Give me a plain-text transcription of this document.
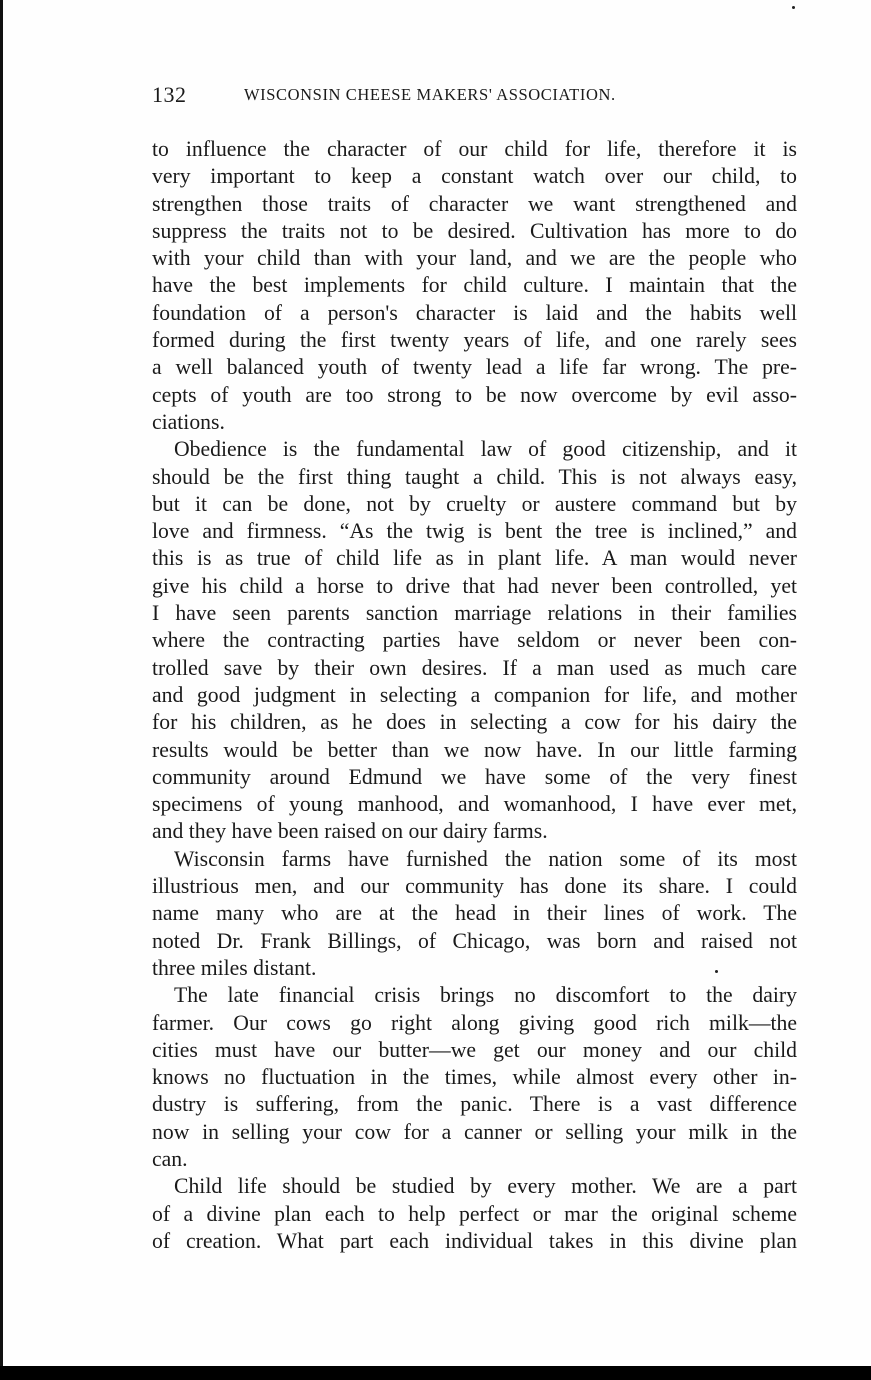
132	WISCONSIN CHEESE MAKERS' ASSOCIATION.
to influence the character of our child for life, therefore it is
very important to keep a constant watch over our child, to
strengthen those traits of character we want strengthened and
suppress the traits not to be desired. Cultivation has more to do
with your child than with your land, and we are the people who
have the best implements for child culture. I maintain that the
foundation of a person's character is laid and the habits well
formed during the first twenty years of life, and one rarely sees
a well balanced youth of twenty lead a life far wrong. The pre-
cepts of youth are too strong to be now overcome by evil asso-
ciations.
Obedience is the fundamental law of good citizenship, and it
should be the first thing taught a child. This is not always easy,
but it can be done, not by cruelty or austere command but by
love and firmness. “As the twig is bent the tree is inclined,” and
this is as true of child life as in plant life. A man would never
give his child a horse to drive that had never been controlled, yet
I have seen parents sanction marriage relations in their families
where the contracting parties have seldom or never been con-
trolled save by their own desires. If a man used as much care
and good judgment in selecting a companion for life, and mother
for his children, as he does in selecting a cow for his dairy the
results would be better than we now have. In our little farming
community around Edmund we have some of the very finest
specimens of young manhood, and womanhood, I have ever met,
and they have been raised on our dairy farms.
Wisconsin farms have furnished the nation some of its most
illustrious men, and our community has done its share. I could
name many who are at the head in their lines of work. The
noted Dr. Frank Billings, of Chicago, was born and raised not
three miles distant.
The late financial crisis brings no discomfort to the dairy
farmer. Our cows go right along giving good rich milk—the
cities must have our butter—we get our money and our child
knows no fluctuation in the times, while almost every other in-
dustry is suffering, from the panic. There is a vast difference
now in selling your cow for a canner or selling your milk in the
can.
Child life should be studied by every mother. We are a part
of a divine plan each to help perfect or mar the original scheme
of creation. What part each individual takes in this divine plan
